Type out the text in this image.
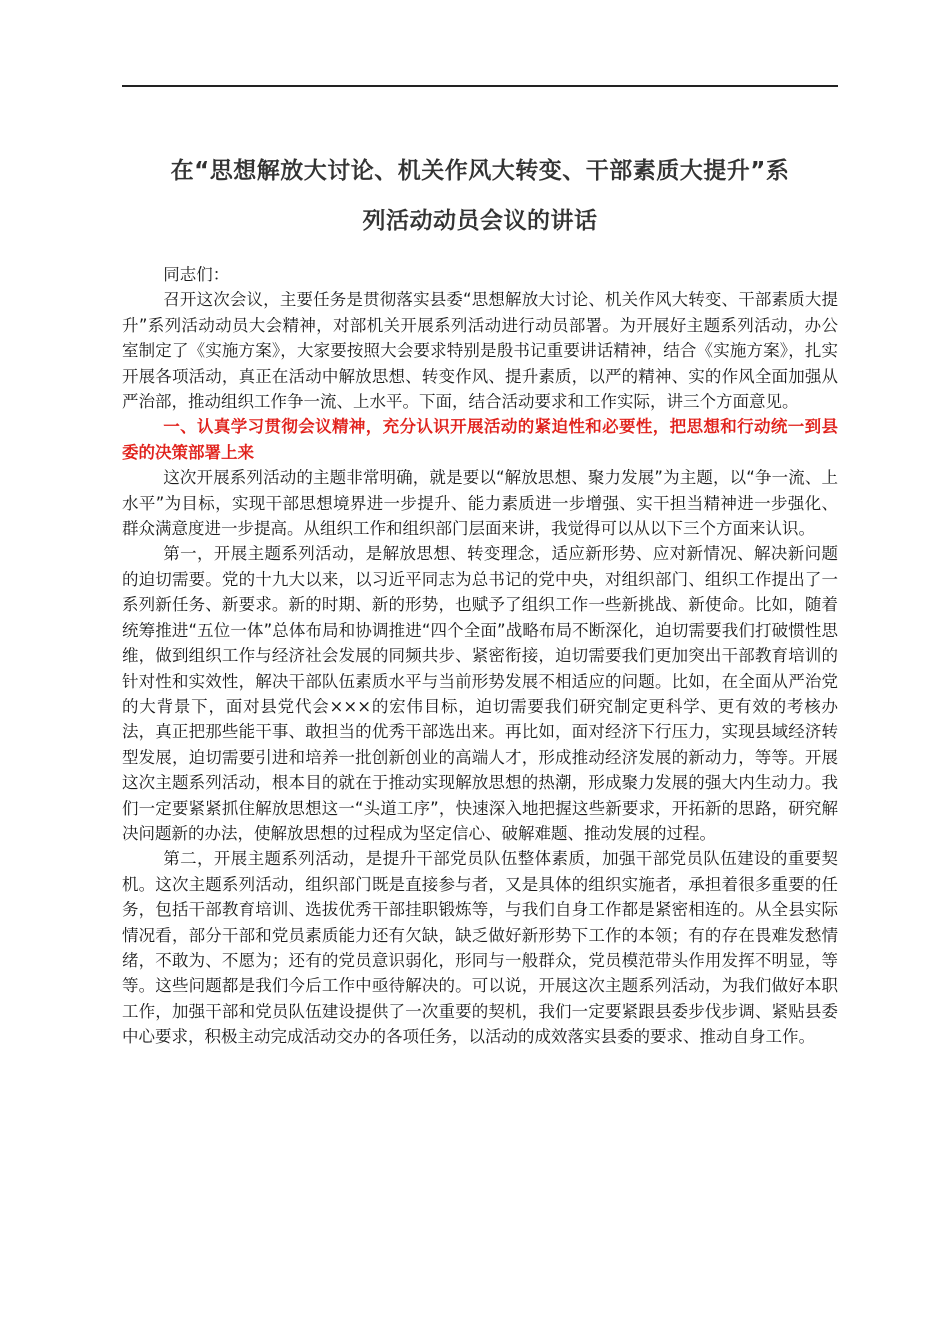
在“思想解放大讨论、机关作风大转变、干部素质大提升”系
列活动动员会议的讲话

同志们：

召开这次会议，主要任务是贯彻落实县委“思想解放大讨论、机关作风大转变、干部素质大提升”系列活动动员大会精神，对部机关开展系列活动进行动员部署。为开展好主题系列活动，办公室制定了《实施方案》，大家要按照大会要求特别是殷书记重要讲话精神，结合《实施方案》，扎实开展各项活动，真正在活动中解放思想、转变作风、提升素质，以严的精神、实的作风全面加强从严治部，推动组织工作争一流、上水平。下面，结合活动要求和工作实际，讲三个方面意见。

一、认真学习贯彻会议精神，充分认识开展活动的紧迫性和必要性，把思想和行动统一到县委的决策部署上来

这次开展系列活动的主题非常明确，就是要以“解放思想、聚力发展”为主题，以“争一流、上水平”为目标，实现干部思想境界进一步提升、能力素质进一步增强、实干担当精神进一步强化、群众满意度进一步提高。从组织工作和组织部门层面来讲，我觉得可以从以下三个方面来认识。

第一，开展主题系列活动，是解放思想、转变理念，适应新形势、应对新情况、解决新问题的迫切需要。党的十九大以来，以习近平同志为总书记的党中央，对组织部门、组织工作提出了一系列新任务、新要求。新的时期、新的形势，也赋予了组织工作一些新挑战、新使命。比如，随着统筹推进“五位一体”总体布局和协调推进“四个全面”战略布局不断深化，迫切需要我们打破惯性思维，做到组织工作与经济社会发展的同频共步、紧密衔接，迫切需要我们更加突出干部教育培训的针对性和实效性，解决干部队伍素质水平与当前形势发展不相适应的问题。比如，在全面从严治党的大背景下，面对县党代会×××的宏伟目标，迫切需要我们研究制定更科学、更有效的考核办法，真正把那些能干事、敢担当的优秀干部选出来。再比如，面对经济下行压力，实现县域经济转型发展，迫切需要引进和培养一批创新创业的高端人才，形成推动经济发展的新动力，等等。开展这次主题系列活动，根本目的就在于推动实现解放思想的热潮，形成聚力发展的强大内生动力。我们一定要紧紧抓住解放思想这一“头道工序”，快速深入地把握这些新要求，开拓新的思路，研究解决问题新的办法，使解放思想的过程成为坚定信心、破解难题、推动发展的过程。

第二，开展主题系列活动，是提升干部党员队伍整体素质，加强干部党员队伍建设的重要契机。这次主题系列活动，组织部门既是直接参与者，又是具体的组织实施者，承担着很多重要的任务，包括干部教育培训、选拔优秀干部挂职锻炼等，与我们自身工作都是紧密相连的。从全县实际情况看，部分干部和党员素质能力还有欠缺，缺乏做好新形势下工作的本领；有的存在畏难发愁情绪，不敢为、不愿为；还有的党员意识弱化，形同与一般群众，党员模范带头作用发挥不明显，等等。这些问题都是我们今后工作中亟待解决的。可以说，开展这次主题系列活动，为我们做好本职工作，加强干部和党员队伍建设提供了一次重要的契机，我们一定要紧跟县委步伐步调、紧贴县委中心要求，积极主动完成活动交办的各项任务，以活动的成效落实县委的要求、推动自身工作。
